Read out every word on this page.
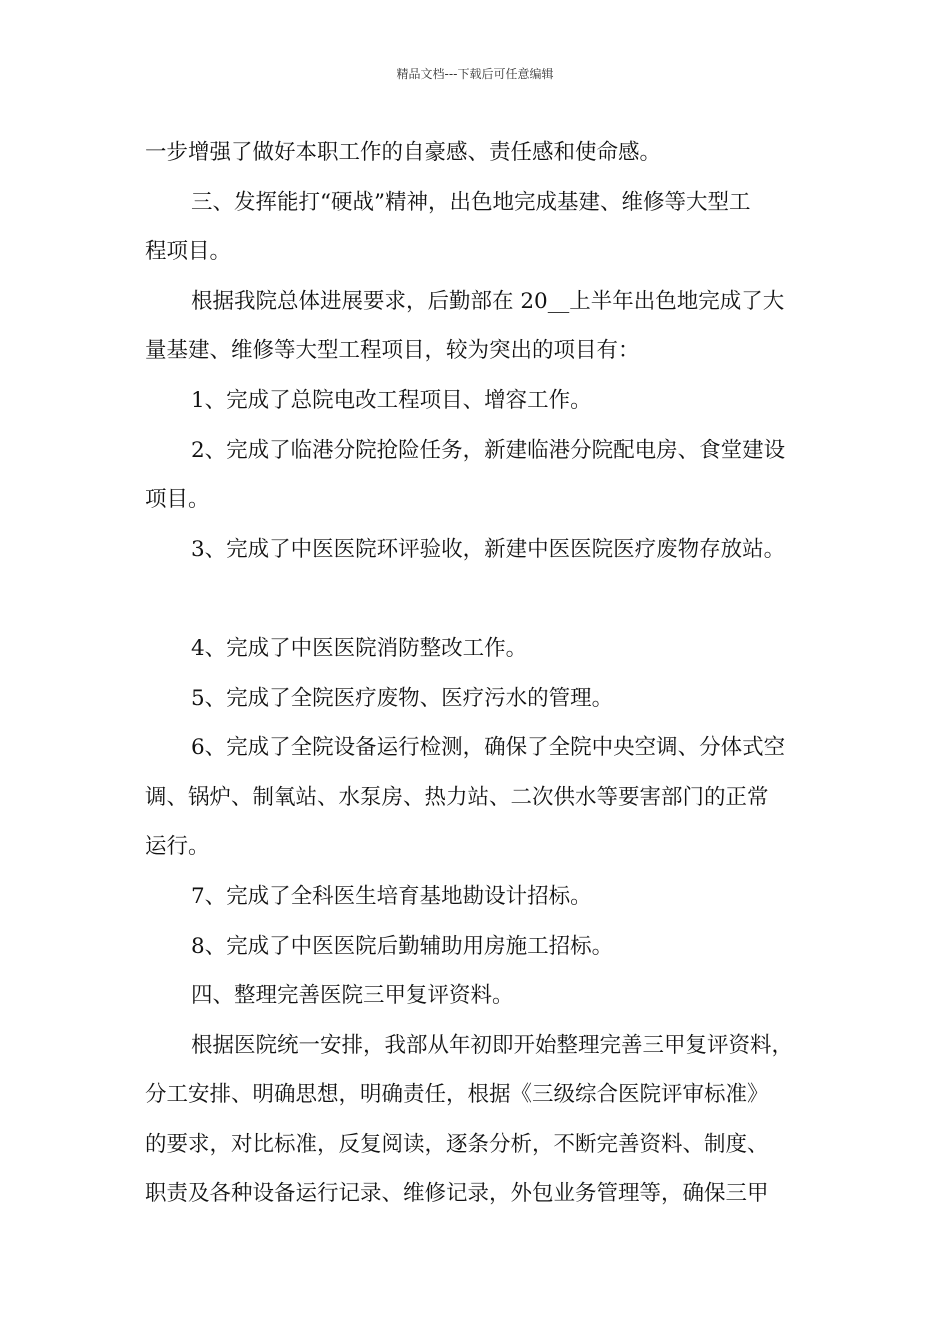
精品文档---下载后可任意编辑
一步增强了做好本职工作的自豪感、责任感和使命感。
三、发挥能打“硬战”精神，出色地完成基建、维修等大型工
程项目。
根据我院总体进展要求，后勤部在 20__上半年出色地完成了大
量基建、维修等大型工程项目，较为突出的项目有：
1、完成了总院电改工程项目、增容工作。
2、完成了临港分院抢险任务，新建临港分院配电房、食堂建设
项目。
3、完成了中医医院环评验收，新建中医医院医疗废物存放站。
4、完成了中医医院消防整改工作。
5、完成了全院医疗废物、医疗污水的管理。
6、完成了全院设备运行检测，确保了全院中央空调、分体式空
调、锅炉、制氧站、水泵房、热力站、二次供水等要害部门的正常
运行。
7、完成了全科医生培育基地勘设计招标。
8、完成了中医医院后勤辅助用房施工招标。
四、整理完善医院三甲复评资料。
根据医院统一安排，我部从年初即开始整理完善三甲复评资料，
分工安排、明确思想，明确责任，根据《三级综合医院评审标准》
的要求，对比标准，反复阅读，逐条分析，不断完善资料、制度、
职责及各种设备运行记录、维修记录，外包业务管理等，确保三甲
